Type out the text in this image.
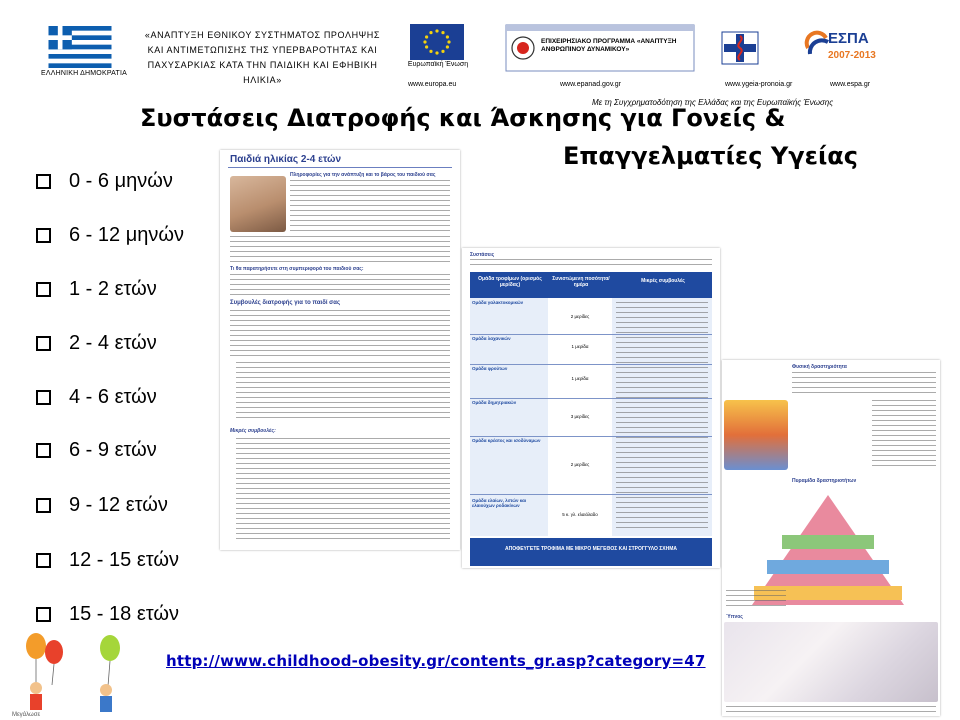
ΕΛΛΗΝΙΚΗ ΔΗΜΟΚΡΑΤΙΑ
«ΑΝΑΠΤΥΞΗ ΕΘΝΙΚΟΥ ΣΥΣΤΗΜΑΤΟΣ ΠΡΟΛΗΨΗΣ ΚΑΙ ΑΝΤΙΜΕΤΩΠΙΣΗΣ ΤΗΣ ΥΠΕΡΒΑΡΟΤΗΤΑΣ ΚΑΙ ΠΑΧΥΣΑΡΚΙΑΣ ΚΑΤΑ ΤΗΝ ΠΑΙΔΙΚΗ ΚΑΙ ΕΦΗΒΙΚΗ ΗΛΙΚΙΑ»
Ευρωπαϊκή Ένωση
www.europa.eu
ΕΠΙΧΕΙΡΗΣΙΑΚΟ ΠΡΟΓΡΑΜΜΑ «ΑΝΑΠΤΥΞΗ ΑΝΘΡΩΠΙΝΟΥ ΔΥΝΑΜΙΚΟΥ»
www.epanad.gov.gr	www.ygeia-pronoia.gr
ΕΣΠΑ
2007-2013
www.espa.gr
Με τη Συγχρηματοδότηση της Ελλάδας και της Ευρωπαϊκής Ένωσης
Συστάσεις Διατροφής και Άσκησης για Γονείς &
Επαγγελματίες Υγείας
Παιδιά ηλικίας 2-4 ετών
Πληροφορίες για την ανάπτυξη και το βάρος του παιδιού σας
Τι θα παρατηρήσετε στη συμπεριφορά του παιδιού σας:
Συμβουλές διατροφής για το παιδί σας
Μικρές συμβουλές:
Συστάσεις
Ομάδα τροφίμων (ορισμός μερίδας)
Συνιστώμενη ποσότητα/ημέρα
Μικρές συμβουλές
Ομάδα γαλακτοκομικών
2 μερίδες
Ομάδα λαχανικών
1 μερίδα
Ομάδα φρούτων
1 μερίδα
Ομάδα δημητριακών
3 μερίδες
Ομάδα κρέατος και ισοδύναμων
2 μερίδες
Ομάδα ελαίων, λιπών και ελαιούχων ροδακίνων
5 κ. γλ. ελαιόλαδο
ΑΠΟΦΕΥΓΕΤΕ ΤΡΟΦΙΜΑ ΜΕ ΜΙΚΡΟ ΜΕΓΕΘΟΣ ΚΑΙ ΣΤΡΟΓΓΥΛΟ ΣΧΗΜΑ
Φυσική δραστηριότητα
Πυραμίδα δραστηριοτήτων
Ύπνος
0 - 6 μηνών
6 - 12 μηνών
1 - 2 ετών
2 - 4 ετών
4 - 6 ετών
6 - 9 ετών
9 - 12 ετών
12 - 15 ετών
15 - 18 ετών
Μεγάλωσε
http://www.childhood-obesity.gr/contents_gr.asp?category=47
